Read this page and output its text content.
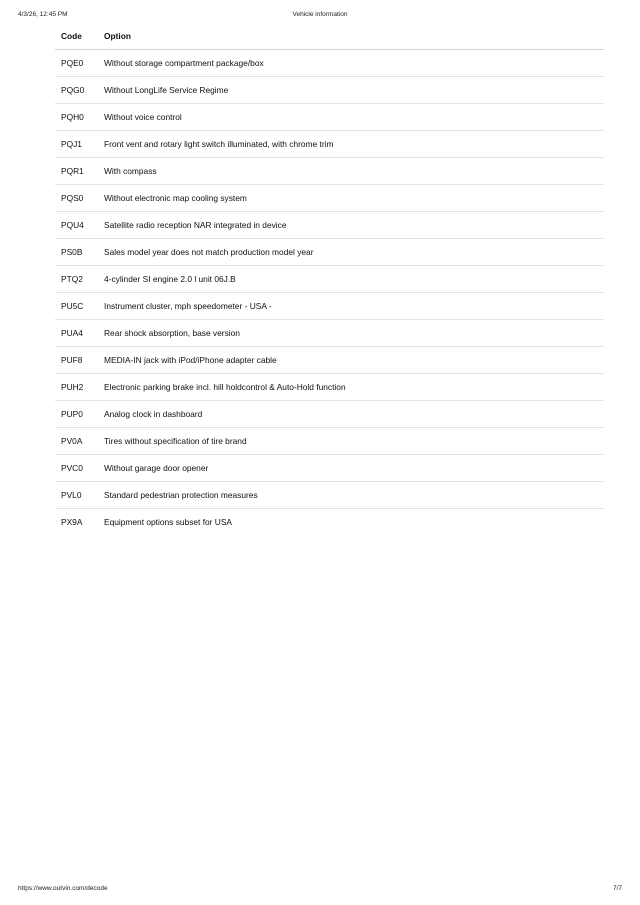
4/3/26, 12:45 PM	Vehicle information
Code	Option
PQE0	Without storage compartment package/box
PQG0	Without LongLife Service Regime
PQH0	Without voice control
PQJ1	Front vent and rotary light switch illuminated, with chrome trim
PQR1	With compass
PQS0	Without electronic map cooling system
PQU4	Satellite radio reception NAR integrated in device
PS0B	Sales model year does not match production model year
PTQ2	4-cylinder SI engine 2.0 l unit 06J.B
PU5C	Instrument cluster, mph speedometer - USA -
PUA4	Rear shock absorption, base version
PUF8	MEDIA-IN jack with iPod/iPhone adapter cable
PUH2	Electronic parking brake incl. hill holdcontrol & Auto-Hold function
PUP0	Analog clock in dashboard
PV0A	Tires without specification of tire brand
PVC0	Without garage door opener
PVL0	Standard pedestrian protection measures
PX9A	Equipment options subset for USA
https://www.outvin.com/decode	7/7
